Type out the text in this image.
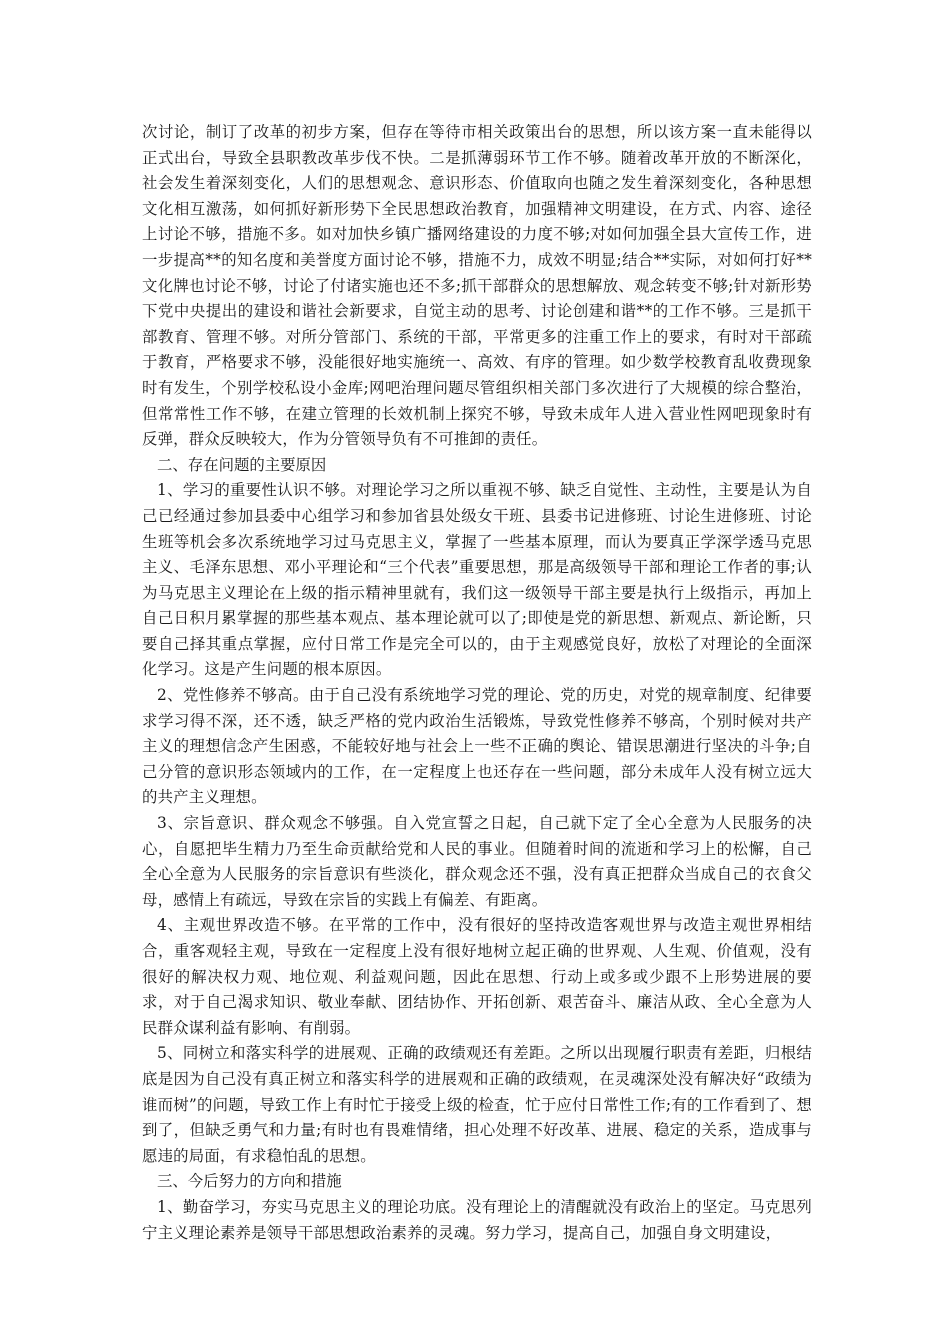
次讨论，制订了改革的初步方案，但存在等待市相关政策出台的思想，所以该方案一直未能得以正式出台，导致全县职教改革步伐不快。二是抓薄弱环节工作不够。随着改革开放的不断深化，社会发生着深刻变化，人们的思想观念、意识形态、价值取向也随之发生着深刻变化，各种思想文化相互激荡，如何抓好新形势下全民思想政治教育，加强精神文明建设，在方式、内容、途径上讨论不够，措施不多。如对加快乡镇广播网络建设的力度不够;对如何加强全县大宣传工作，进一步提高**的知名度和美誉度方面讨论不够，措施不力，成效不明显;结合**实际，对如何打好**文化牌也讨论不够，讨论了付诸实施也还不多;抓干部群众的思想解放、观念转变不够;针对新形势下党中央提出的建设和谐社会新要求，自觉主动的思考、讨论创建和谐**的工作不够。三是抓干部教育、管理不够。对所分管部门、系统的干部，平常更多的注重工作上的要求，有时对干部疏于教育，严格要求不够，没能很好地实施统一、高效、有序的管理。如少数学校教育乱收费现象时有发生，个别学校私设小金库;网吧治理问题尽管组织相关部门多次进行了大规模的综合整治，但常常性工作不够，在建立管理的长效机制上探究不够，导致未成年人进入营业性网吧现象时有反弹，群众反映较大，作为分管领导负有不可推卸的责任。

二、存在问题的主要原因

1、学习的重要性认识不够。对理论学习之所以重视不够、缺乏自觉性、主动性，主要是认为自己已经通过参加县委中心组学习和参加省县处级女干班、县委书记进修班、讨论生进修班、讨论生班等机会多次系统地学习过马克思主义，掌握了一些基本原理，而认为要真正学深学透马克思主义、毛泽东思想、邓小平理论和“三个代表”重要思想，那是高级领导干部和理论工作者的事;认为马克思主义理论在上级的指示精神里就有，我们这一级领导干部主要是执行上级指示，再加上自己日积月累掌握的那些基本观点、基本理论就可以了;即使是党的新思想、新观点、新论断，只要自己择其重点掌握，应付日常工作是完全可以的，由于主观感觉良好，放松了对理论的全面深化学习。这是产生问题的根本原因。

2、党性修养不够高。由于自己没有系统地学习党的理论、党的历史，对党的规章制度、纪律要求学习得不深，还不透，缺乏严格的党内政治生活锻炼，导致党性修养不够高，个别时候对共产主义的理想信念产生困惑，不能较好地与社会上一些不正确的舆论、错误思潮进行坚决的斗争;自己分管的意识形态领域内的工作，在一定程度上也还存在一些问题，部分未成年人没有树立远大的共产主义理想。

3、宗旨意识、群众观念不够强。自入党宣誓之日起，自己就下定了全心全意为人民服务的决心，自愿把毕生精力乃至生命贡献给党和人民的事业。但随着时间的流逝和学习上的松懈，自己全心全意为人民服务的宗旨意识有些淡化，群众观念还不强，没有真正把群众当成自己的衣食父母，感情上有疏远，导致在宗旨的实践上有偏差、有距离。

4、主观世界改造不够。在平常的工作中，没有很好的坚持改造客观世界与改造主观世界相结合，重客观轻主观，导致在一定程度上没有很好地树立起正确的世界观、人生观、价值观，没有很好的解决权力观、地位观、利益观问题，因此在思想、行动上或多或少跟不上形势进展的要求，对于自己渴求知识、敬业奉献、团结协作、开拓创新、艰苦奋斗、廉洁从政、全心全意为人民群众谋利益有影响、有削弱。

5、同树立和落实科学的进展观、正确的政绩观还有差距。之所以出现履行职责有差距，归根结底是因为自己没有真正树立和落实科学的进展观和正确的政绩观，在灵魂深处没有解决好“政绩为谁而树”的问题，导致工作上有时忙于接受上级的检查，忙于应付日常性工作;有的工作看到了、想到了，但缺乏勇气和力量;有时也有畏难情绪，担心处理不好改革、进展、稳定的关系，造成事与愿违的局面，有求稳怕乱的思想。

三、今后努力的方向和措施

1、勤奋学习，夯实马克思主义的理论功底。没有理论上的清醒就没有政治上的坚定。马克思列宁主义理论素养是领导干部思想政治素养的灵魂。努力学习，提高自己，加强自身文明建设，
